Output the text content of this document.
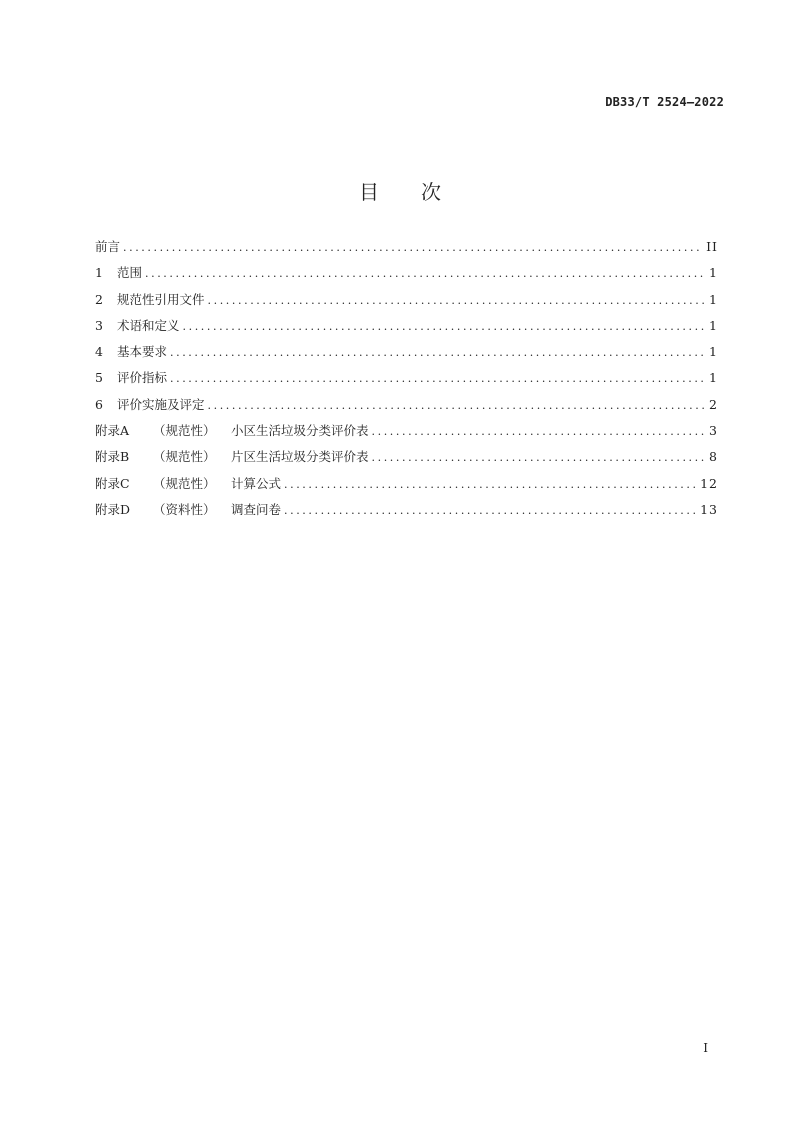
DB33/T 2524—2022
目 次
前言 .....	II
1	范围 .....	1
2	规范性引用文件 .....	1
3	术语和定义 .....	1
4	基本要求 .....	1
5	评价指标 .....	1
6	评价实施及评定 .....	2
附录A	（规范性）	小区生活垃圾分类评价表 .....	3
附录B	（规范性）	片区生活垃圾分类评价表 .....	8
附录C	（规范性）	计算公式 .....	12
附录D	（资料性）	调查问卷 .....	13
I
